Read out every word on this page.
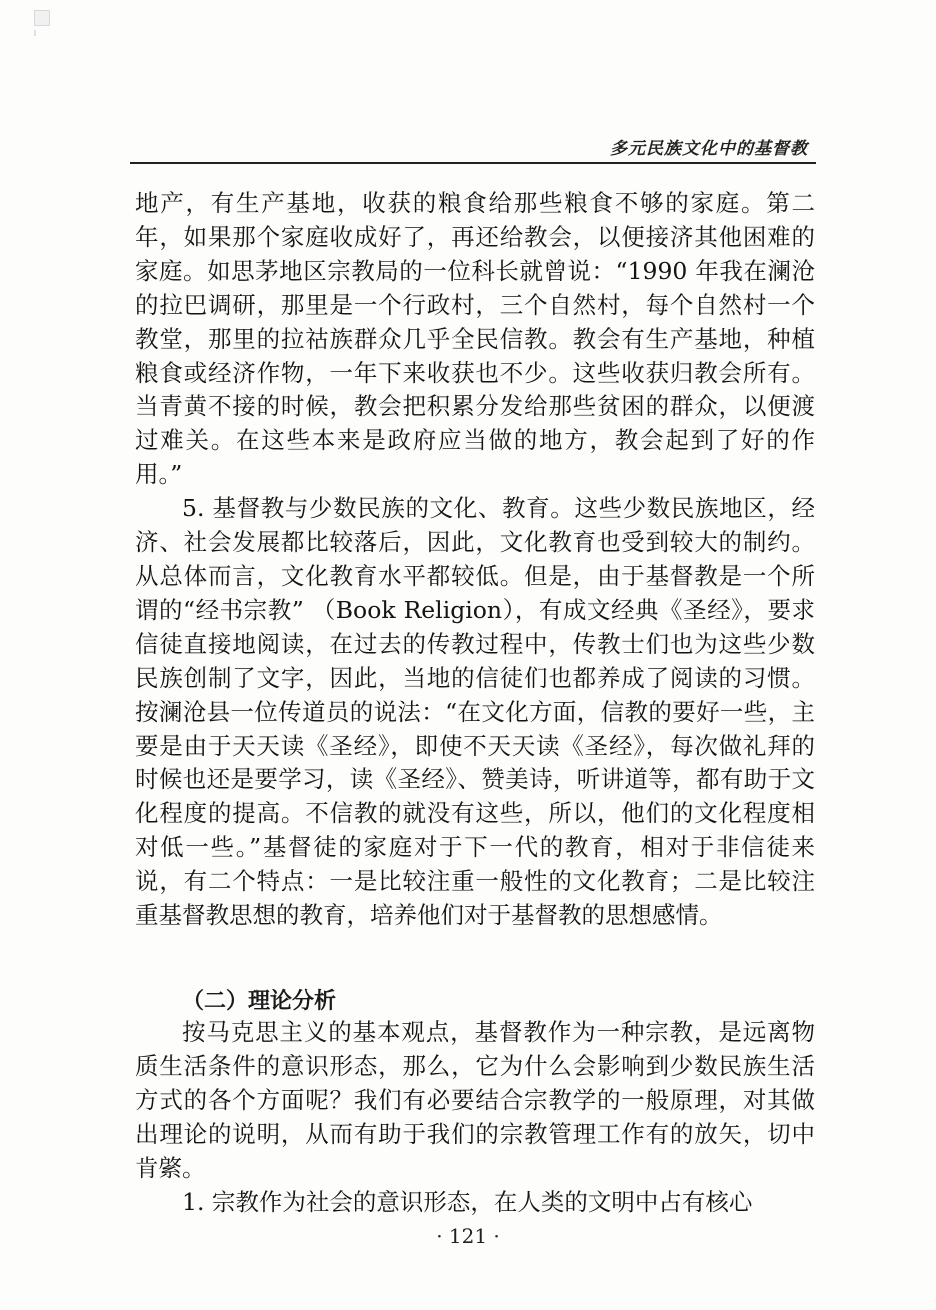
多元民族文化中的基督教

地产，有生产基地，收获的粮食给那些粮食不够的家庭。第二年，如果那个家庭收成好了，再还给教会，以便接济其他困难的家庭。如思茅地区宗教局的一位科长就曾说：“1990 年我在澜沧的拉巴调研，那里是一个行政村，三个自然村，每个自然村一个教堂，那里的拉祜族群众几乎全民信教。教会有生产基地，种植粮食或经济作物，一年下来收获也不少。这些收获归教会所有。当青黄不接的时候，教会把积累分发给那些贫困的群众，以便渡过难关。在这些本来是政府应当做的地方，教会起到了好的作用。”

5. 基督教与少数民族的文化、教育。这些少数民族地区，经济、社会发展都比较落后，因此，文化教育也受到较大的制约。从总体而言，文化教育水平都较低。但是，由于基督教是一个所谓的“经书宗教” （Book Religion），有成文经典《圣经》，要求信徒直接地阅读，在过去的传教过程中，传教士们也为这些少数民族创制了文字，因此，当地的信徒们也都养成了阅读的习惯。按澜沧县一位传道员的说法：“在文化方面，信教的要好一些，主要是由于天天读《圣经》，即使不天天读《圣经》，每次做礼拜的时候也还是要学习，读《圣经》、赞美诗，听讲道等，都有助于文化程度的提高。不信教的就没有这些，所以，他们的文化程度相对低一些。”基督徒的家庭对于下一代的教育，相对于非信徒来说，有二个特点：一是比较注重一般性的文化教育；二是比较注重基督教思想的教育，培养他们对于基督教的思想感情。

（二）理论分析

按马克思主义的基本观点，基督教作为一种宗教，是远离物质生活条件的意识形态，那么，它为什么会影响到少数民族生活方式的各个方面呢？我们有必要结合宗教学的一般原理，对其做出理论的说明，从而有助于我们的宗教管理工作有的放矢，切中肯綮。

1. 宗教作为社会的意识形态，在人类的文明中占有核心

· 121 ·
